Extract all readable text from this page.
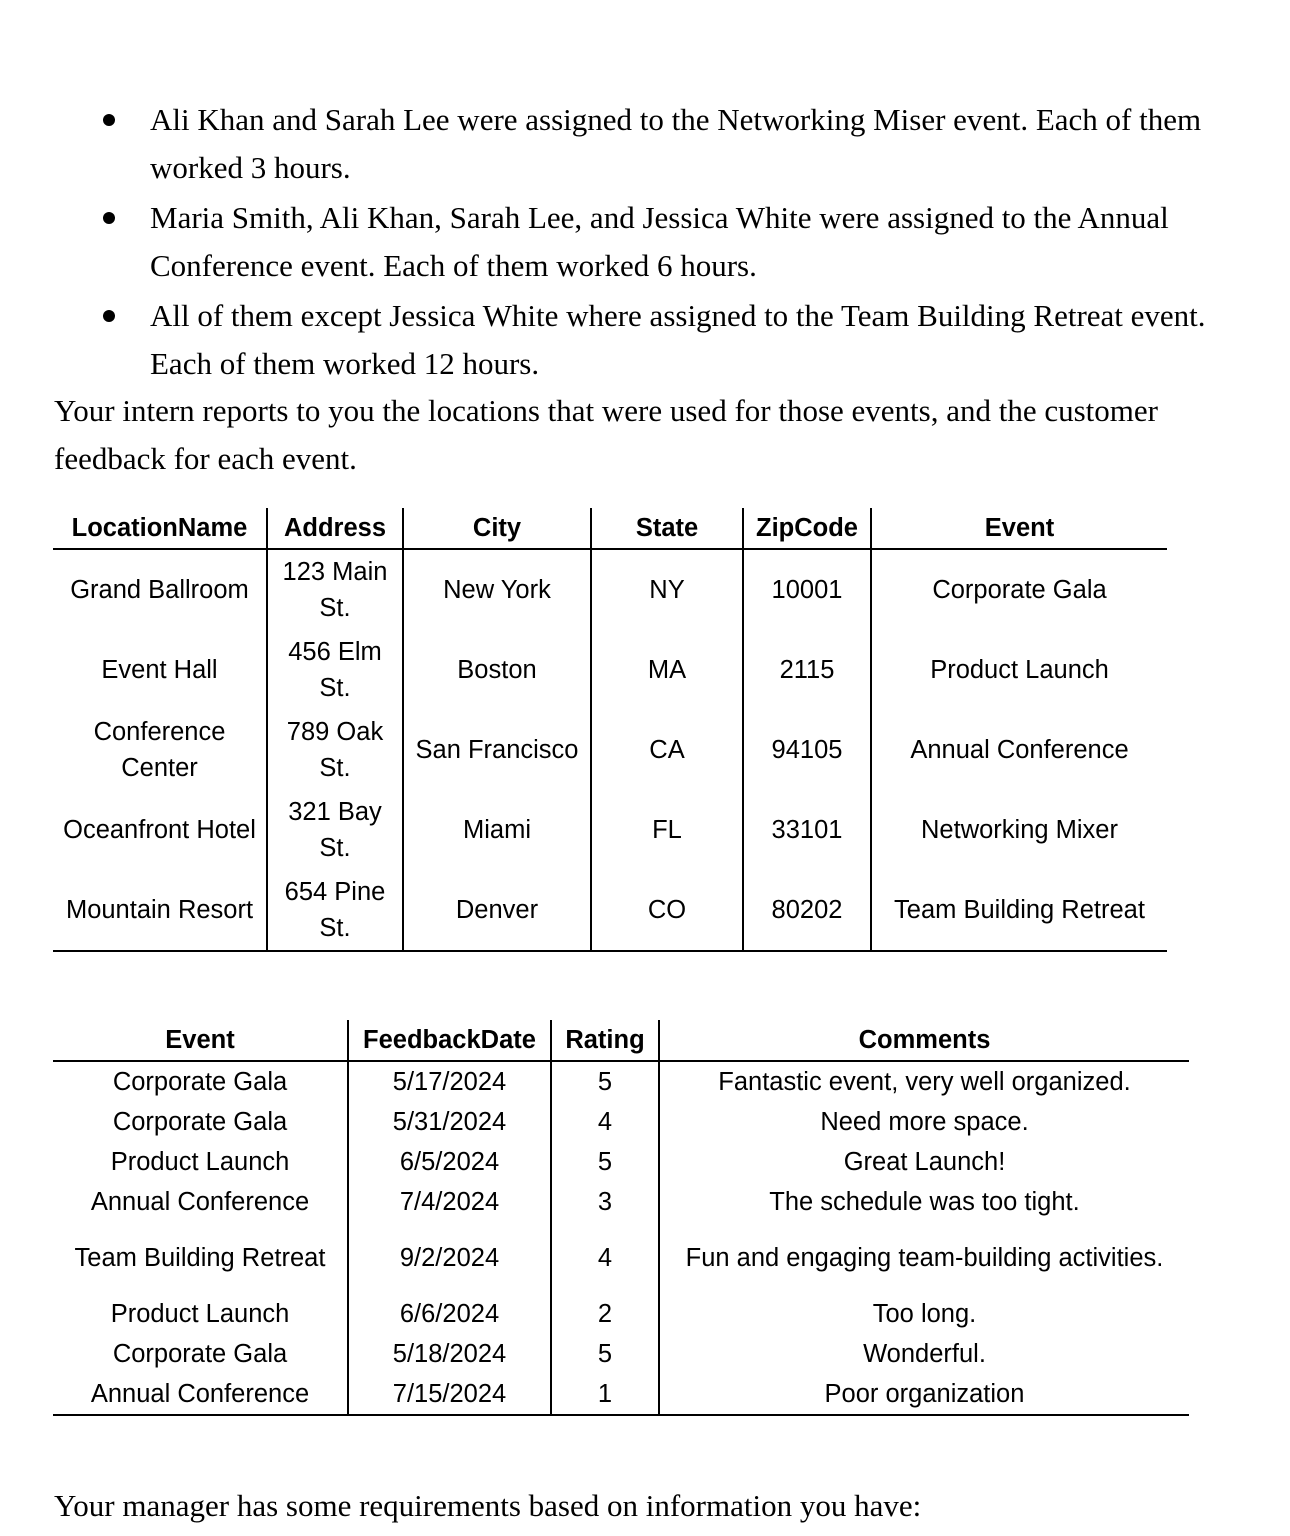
Ali Khan and Sarah Lee were assigned to the Networking Miser event. Each of them worked 3 hours.
Maria Smith, Ali Khan, Sarah Lee, and Jessica White were assigned to the Annual Conference event. Each of them worked 6 hours.
All of them except Jessica White where assigned to the Team Building Retreat event. Each of them worked 12 hours.
Your intern reports to you the locations that were used for those events, and the customer feedback for each event.
LocationName	Address	City	State	ZipCode	Event
Grand Ballroom	123 Main St.	New York	NY	10001	Corporate Gala
Event Hall	456 Elm St.	Boston	MA	2115	Product Launch
Conference Center	789 Oak St.	San Francisco	CA	94105	Annual Conference
Oceanfront Hotel	321 Bay St.	Miami	FL	33101	Networking Mixer
Mountain Resort	654 Pine St.	Denver	CO	80202	Team Building Retreat
Event	FeedbackDate	Rating	Comments
Corporate Gala	5/17/2024	5	Fantastic event, very well organized.
Corporate Gala	5/31/2024	4	Need more space.
Product Launch	6/5/2024	5	Great Launch!
Annual Conference	7/4/2024	3	The schedule was too tight.
Team Building Retreat	9/2/2024	4	Fun and engaging team-building activities.
Product Launch	6/6/2024	2	Too long.
Corporate Gala	5/18/2024	5	Wonderful.
Annual Conference	7/15/2024	1	Poor organization
Your manager has some requirements based on information you have:
